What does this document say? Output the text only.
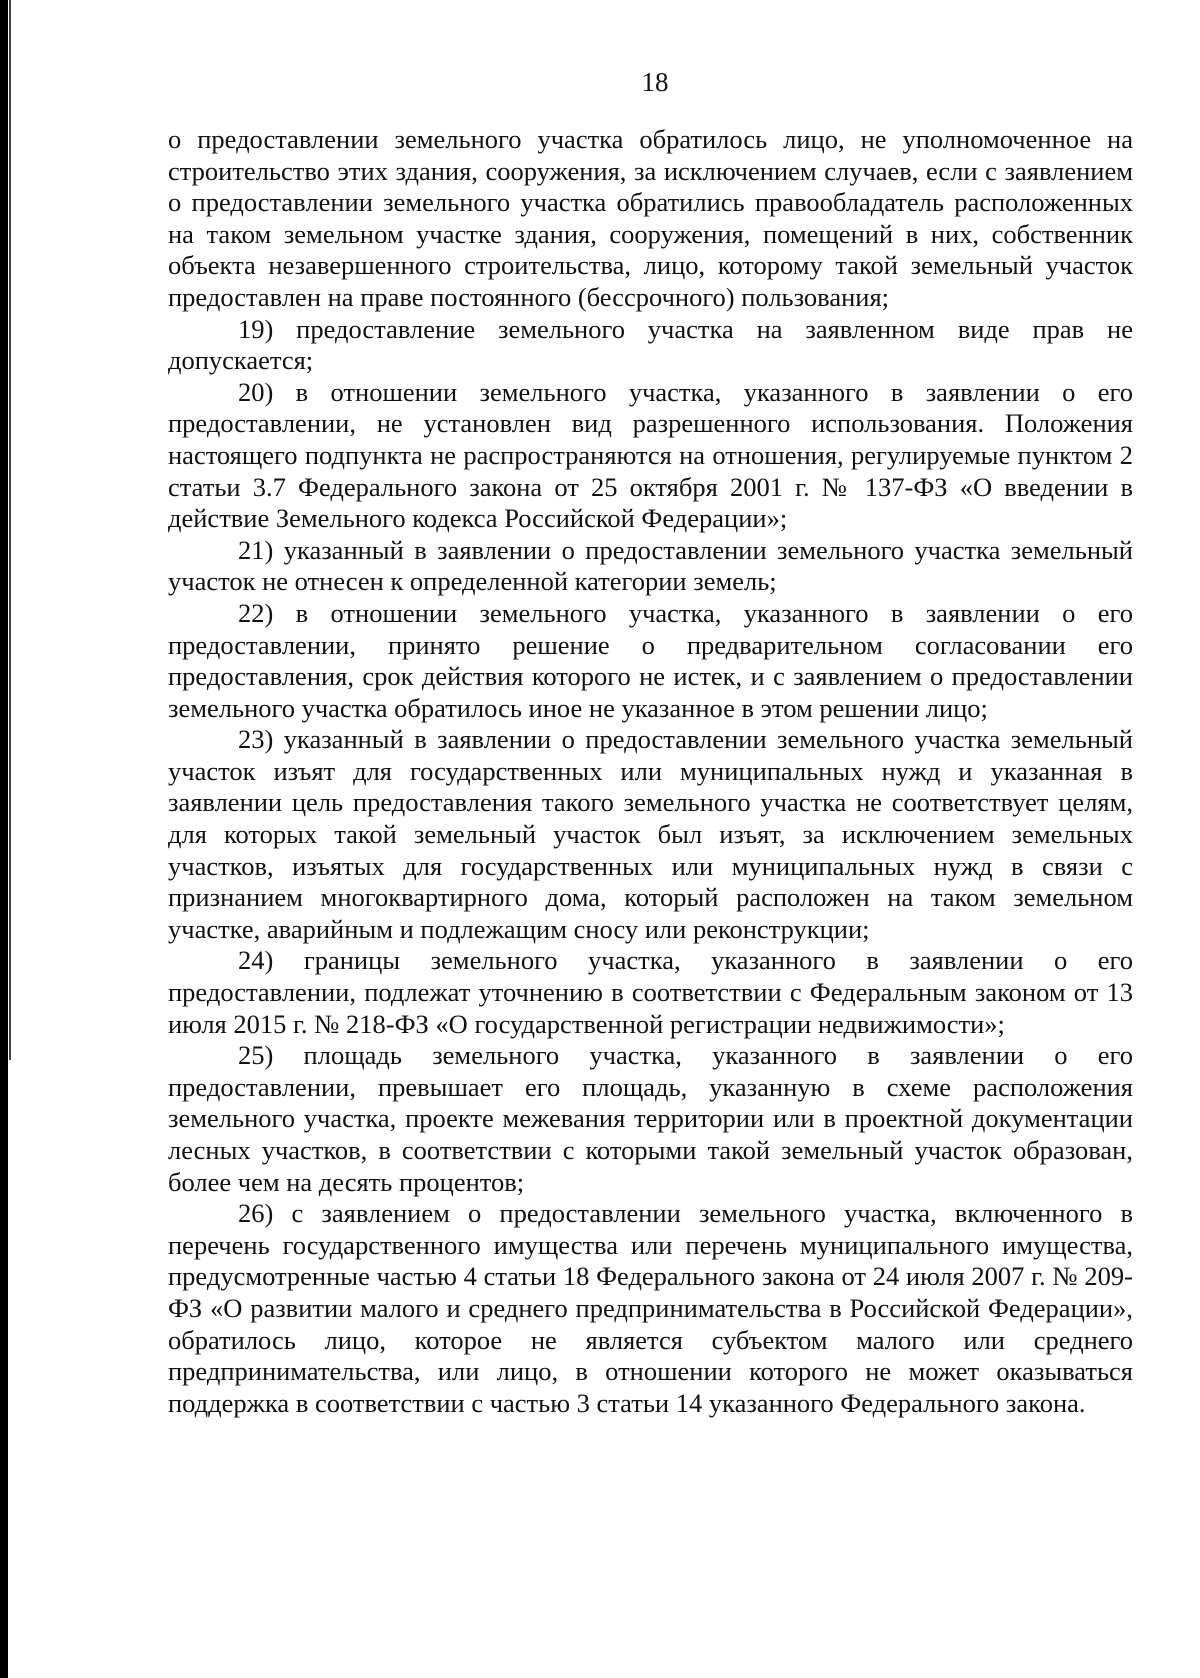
18

о предоставлении земельного участка обратилось лицо, не уполномоченное на строительство этих здания, сооружения, за исключением случаев, если с заявлением о предоставлении земельного участка обратились правообладатель расположенных на таком земельном участке здания, сооружения, помещений в них, собственник объекта незавершенного строительства, лицо, которому такой земельный участок предоставлен на праве постоянного (бессрочного) пользования;

19) предоставление земельного участка на заявленном виде прав не допускается;

20) в отношении земельного участка, указанного в заявлении о его предоставлении, не установлен вид разрешенного использования. Положения настоящего подпункта не распространяются на отношения, регулируемые пунктом 2 статьи 3.7 Федерального закона от 25 октября 2001 г. № 137-ФЗ «О введении в действие Земельного кодекса Российской Федерации»;

21) указанный в заявлении о предоставлении земельного участка земельный участок не отнесен к определенной категории земель;

22) в отношении земельного участка, указанного в заявлении о его предоставлении, принято решение о предварительном согласовании его предоставления, срок действия которого не истек, и с заявлением о предоставлении земельного участка обратилось иное не указанное в этом решении лицо;

23) указанный в заявлении о предоставлении земельного участка земельный участок изъят для государственных или муниципальных нужд и указанная в заявлении цель предоставления такого земельного участка не соответствует целям, для которых такой земельный участок был изъят, за исключением земельных участков, изъятых для государственных или муниципальных нужд в связи с признанием многоквартирного дома, который расположен на таком земельном участке, аварийным и подлежащим сносу или реконструкции;

24) границы земельного участка, указанного в заявлении о его предоставлении, подлежат уточнению в соответствии с Федеральным законом от 13 июля 2015 г. № 218-ФЗ «О государственной регистрации недвижимости»;

25) площадь земельного участка, указанного в заявлении о его предоставлении, превышает его площадь, указанную в схеме расположения земельного участка, проекте межевания территории или в проектной документации лесных участков, в соответствии с которыми такой земельный участок образован, более чем на десять процентов;

26) с заявлением о предоставлении земельного участка, включенного в перечень государственного имущества или перечень муниципального имущества, предусмотренные частью 4 статьи 18 Федерального закона от 24 июля 2007 г. № 209-ФЗ «О развитии малого и среднего предпринимательства в Российской Федерации», обратилось лицо, которое не является субъектом малого или среднего предпринимательства, или лицо, в отношении которого не может оказываться поддержка в соответствии с частью 3 статьи 14 указанного Федерального закона.
